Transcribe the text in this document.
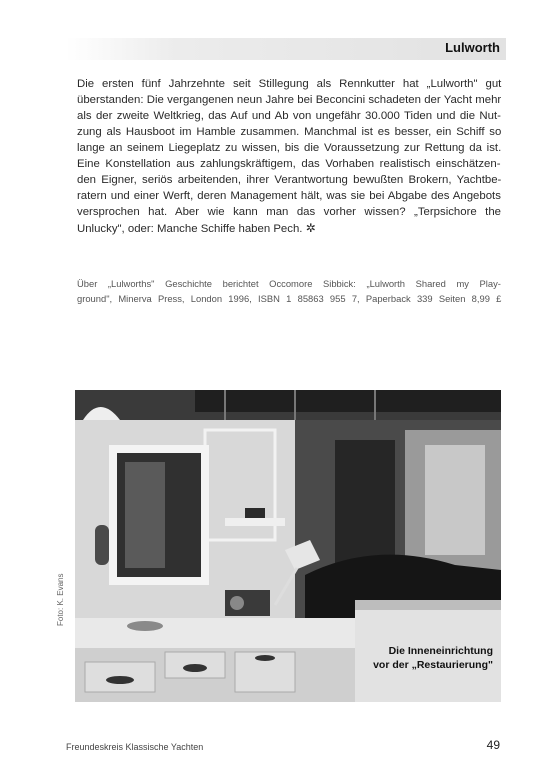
Lulworth
Die ersten fünf Jahrzehnte seit Stillegung als Rennkutter hat „Lulworth" gut
überstanden: Die vergangenen neun Jahre bei Beconcini schadeten der Yacht mehr
als der zweite Weltkrieg, das Auf und Ab von ungefähr 30.000 Tiden und die Nut-
zung als Hausboot im Hamble zusammen. Manchmal ist es besser, ein Schiff so
lange an seinem Liegeplatz zu wissen, bis die Voraussetzung zur Rettung da ist.
Eine Konstellation aus zahlungskräftigem, das Vorhaben realistisch einschätzen-
den Eigner, seriös arbeitenden, ihrer Verantwortung bewußten Brokern, Yachtbe-
ratern und einer Werft, deren Management hält, was sie bei Abgabe des Angebots
versprochen hat. Aber wie kann man das vorher wissen? „Terpsichore the
Unlucky", oder: Manche Schiffe haben Pech. ✲
Über „Lulworths" Geschichte berichtet Occomore Sibbick: „Lulworth Shared my Play-
ground", Minerva Press, London 1996, ISBN 1 85863 955 7, Paperback 339 Seiten 8,99 £
Die Inneneinrichtung
vor der „Restaurierung"
Foto: K. Evans
Freundeskreis Klassische Yachten	49
